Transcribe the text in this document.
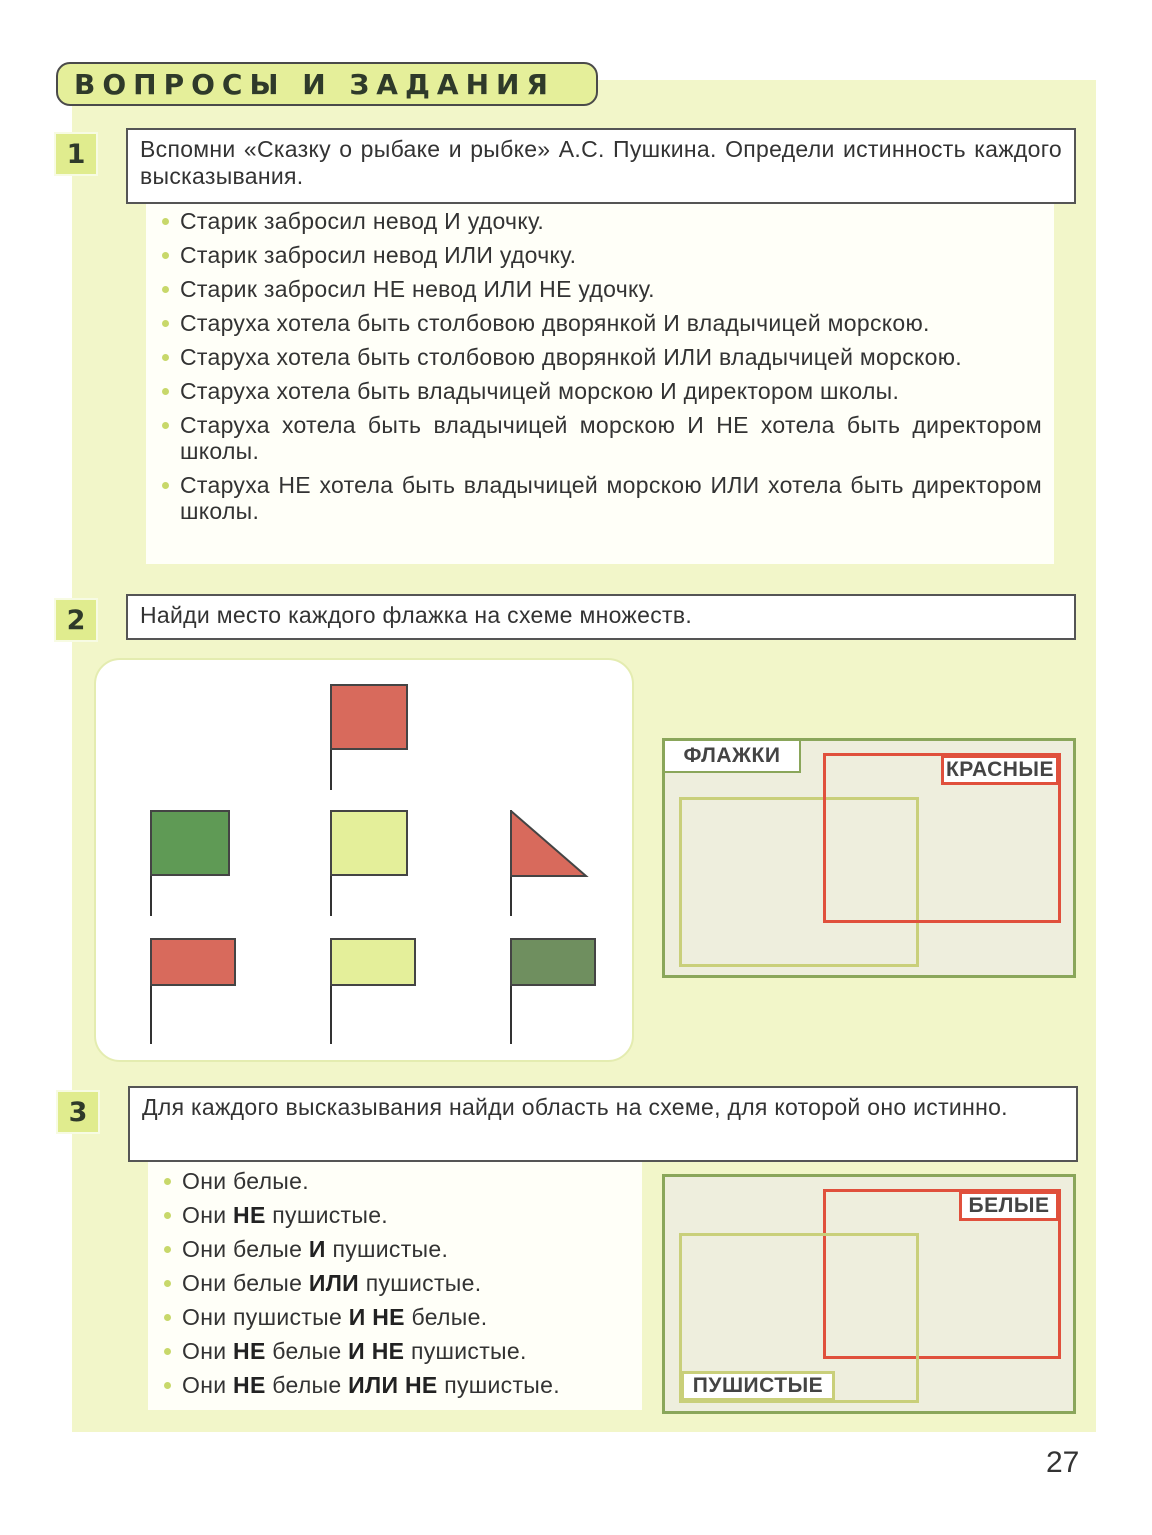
ВОПРОСЫ И ЗАДАНИЯ
1	Вспомни «Сказку о рыбаке и рыбке» А.С. Пушкина. Определи истинность каждого высказывания.
Старик забросил невод И удочку.
Старик забросил невод ИЛИ удочку.
Старик забросил НЕ невод ИЛИ НЕ удочку.
Старуха хотела быть столбовою дворянкой И владычицей морскою.
Старуха хотела быть столбовою дворянкой ИЛИ владычицей морскою.
Старуха хотела быть владычицей морскою И директором школы.
Старуха хотела быть владычицей морскою И НЕ хотела быть директором школы.
Старуха НЕ хотела быть владычицей морскою ИЛИ хотела быть директором школы.
2	Найди место каждого флажка на схеме множеств.
ФЛАЖКИ
КРАСНЫЕ
3	Для каждого высказывания найди область на схеме, для которой оно истинно.
Они белые.
Они НЕ пушистые.
Они белые И пушистые.
Они белые ИЛИ пушистые.
Они пушистые И НЕ белые.
Они НЕ белые И НЕ пушистые.
Они НЕ белые ИЛИ НЕ пушистые.
БЕЛЫЕ
ПУШИСТЫЕ
27
